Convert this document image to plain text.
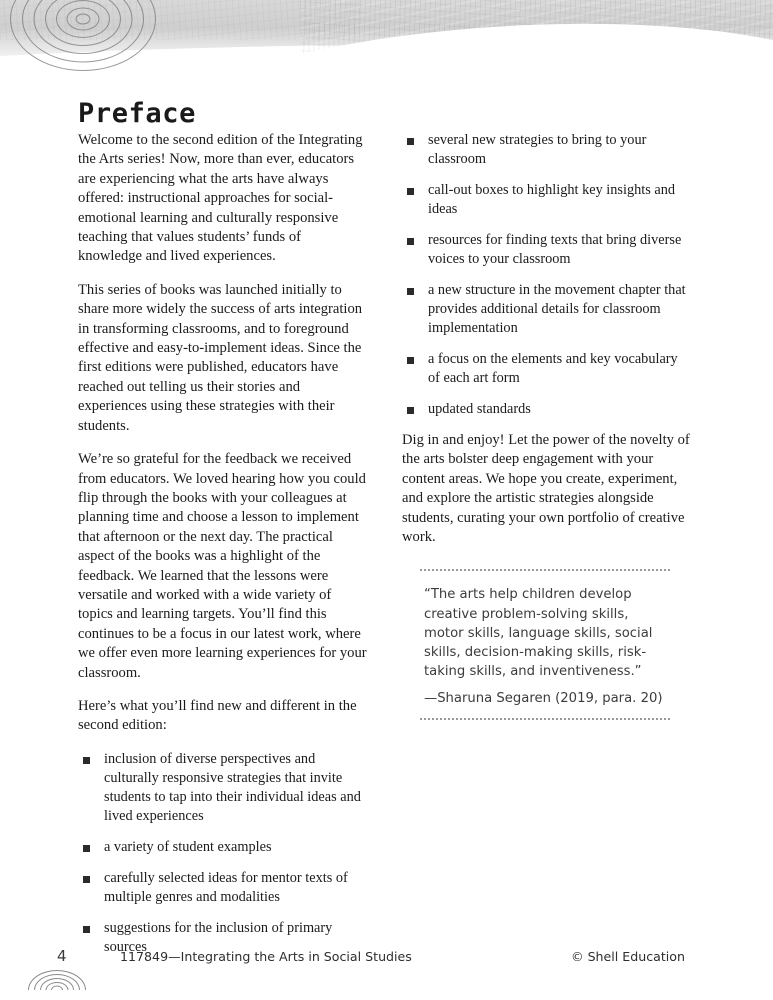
Preface

Welcome to the second edition of the Integrating the Arts series! Now, more than ever, educators are experiencing what the arts have always offered: instructional approaches for social-emotional learning and culturally responsive teaching that values students’ funds of knowledge and lived experiences.

This series of books was launched initially to share more widely the success of arts integration in transforming classrooms, and to foreground effective and easy-to-implement ideas. Since the first editions were published, educators have reached out telling us their stories and experiences using these strategies with their students.

We’re so grateful for the feedback we received from educators. We loved hearing how you could flip through the books with your colleagues at planning time and choose a lesson to implement that afternoon or the next day. The practical aspect of the books was a highlight of the feedback. We learned that the lessons were versatile and worked with a wide variety of topics and learning targets. You’ll find this continues to be a focus in our latest work, where we offer even more learning experiences for your classroom.

Here’s what you’ll find new and different in the second edition:

inclusion of diverse perspectives and culturally responsive strategies that invite students to tap into their individual ideas and lived experiences
a variety of student examples
carefully selected ideas for mentor texts of multiple genres and modalities
suggestions for the inclusion of primary sources
several new strategies to bring to your classroom
call-out boxes to highlight key insights and ideas
resources for finding texts that bring diverse voices to your classroom
a new structure in the movement chapter that provides additional details for classroom implementation
a focus on the elements and key vocabulary of each art form
updated standards

Dig in and enjoy! Let the power of the novelty of the arts bolster deep engagement with your content areas. We hope you create, experiment, and explore the artistic strategies alongside students, curating your own portfolio of creative work.

“The arts help children develop creative problem-solving skills, motor skills, language skills, social skills, decision-making skills, risk-taking skills, and inventiveness.”

—Sharuna Segaren (2019, para. 20)

4	117849—Integrating the Arts in Social Studies	© Shell Education
